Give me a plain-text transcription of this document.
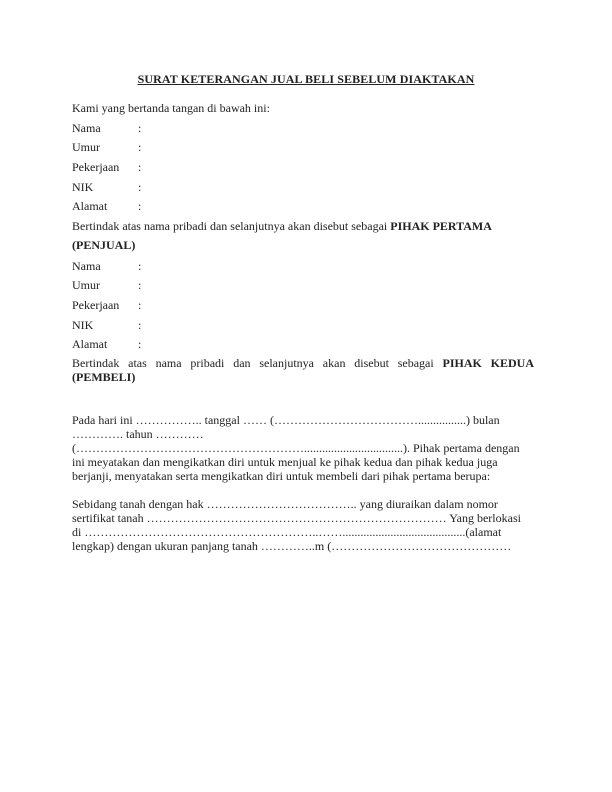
SURAT KETERANGAN JUAL BELI SEBELUM DIAKTAKAN
Kami yang bertanda tangan di bawah ini:
Nama	:
Umur	:
Pekerjaan :
NIK	:
Alamat	:
Bertindak atas nama pribadi dan selanjutnya akan disebut sebagai PIHAK PERTAMA
(PENJUAL)
Nama	:
Umur	:
Pekerjaan :
NIK	:
Alamat	:
Bertindak atas nama pribadi dan selanjutnya akan disebut sebagai PIHAK KEDUA
(PEMBELI)
Pada hari ini …………….. tanggal …… (………………………………................) bulan
…………. tahun …………
(………………………………………………….................................). Pihak pertama dengan
ini meyatakan dan mengikatkan diri untuk menjual ke pihak kedua dan pihak kedua juga
berjanji, menyatakan serta mengikatkan diri untuk membeli dari pihak pertama berupa:
Sebidang tanah dengan hak ……………………………….. yang diuraikan dalam nomor
sertifikat tanah ………………………………………………………………… Yang berlokasi
di …………………………………………………..…….........................................(alamat
lengkap) dengan ukuran panjang tanah …………..m (………………………………………
